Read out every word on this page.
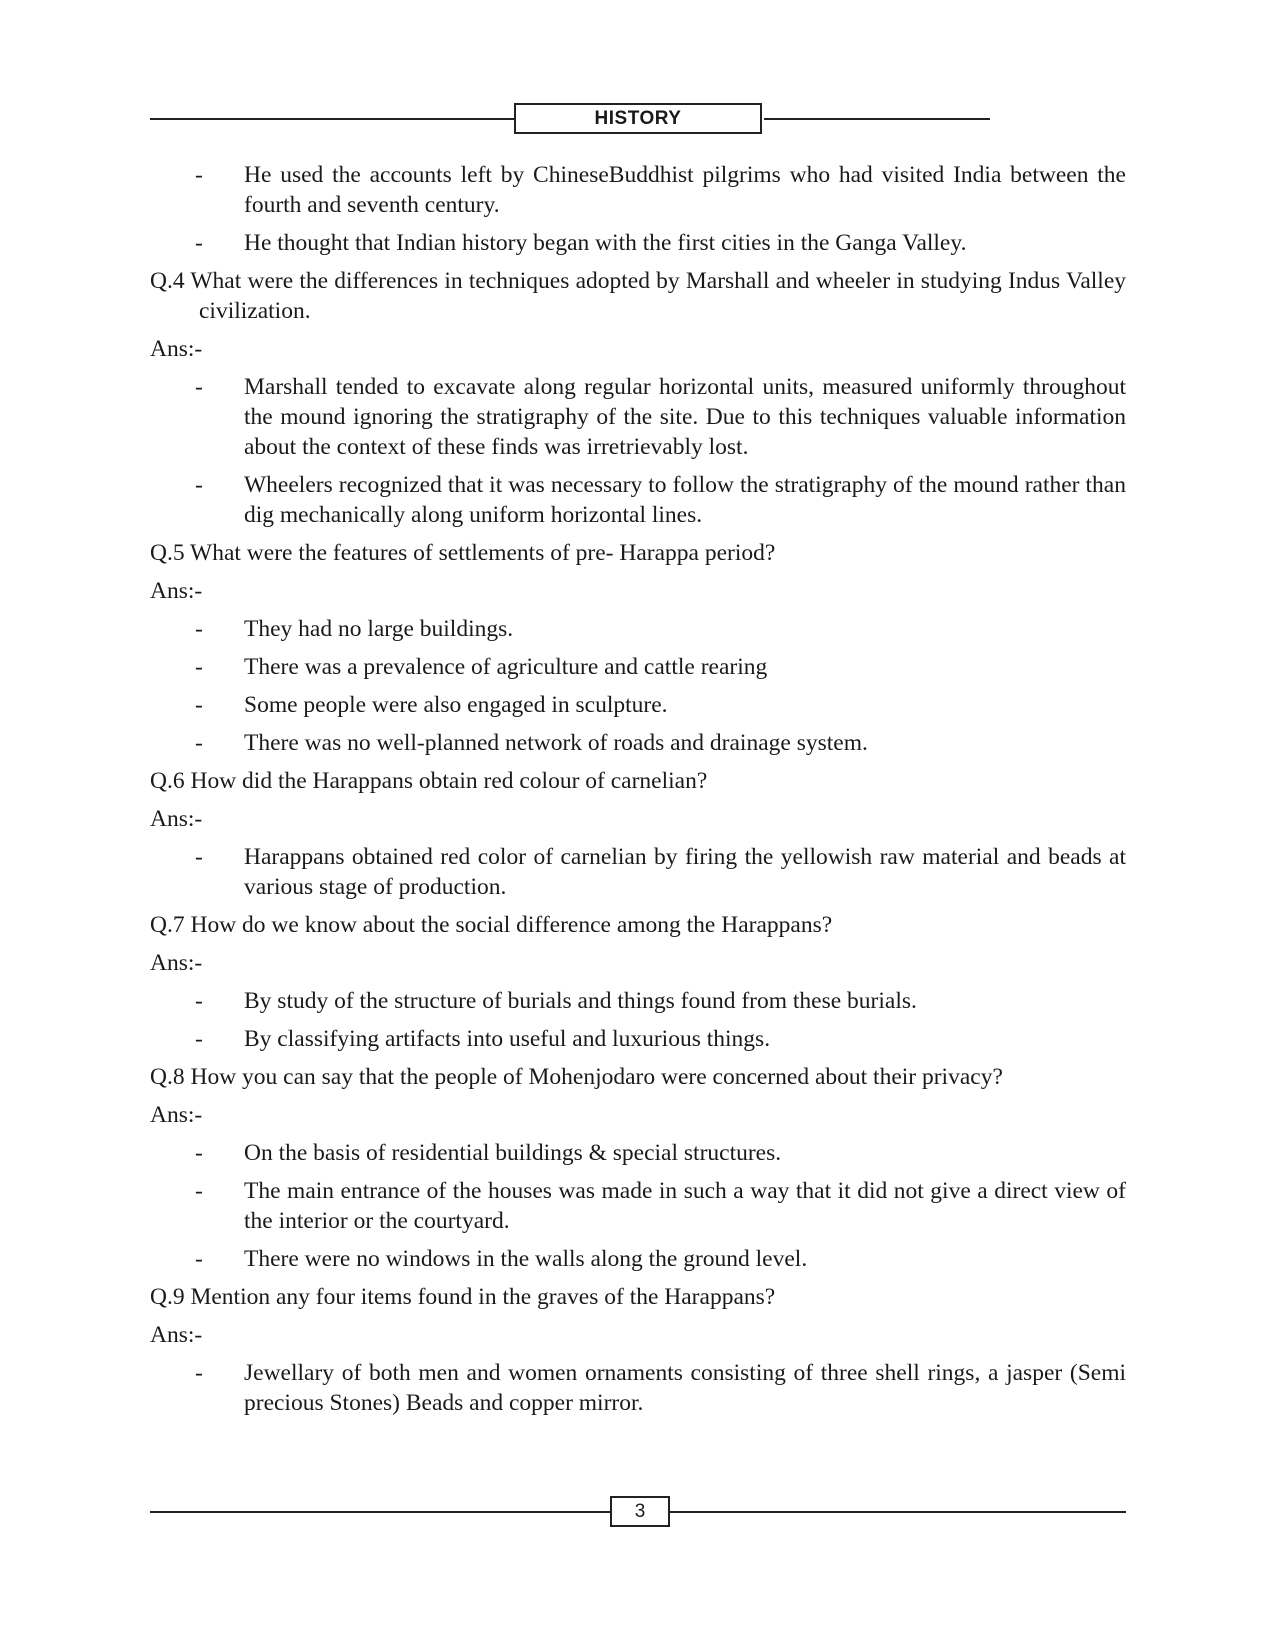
HISTORY
- He used the accounts left by ChineseBuddhist pilgrims who had visited India between the fourth and seventh century.
- He thought that Indian history began with the first cities in the Ganga Valley.
Q.4 What were the differences in techniques adopted by Marshall and wheeler in studying Indus Valley civilization.
Ans:-
- Marshall tended to excavate along regular horizontal units, measured uniformly throughout the mound ignoring the stratigraphy of the site. Due to this techniques valuable information about the context of these finds was irretrievably lost.
- Wheelers recognized that it was necessary to follow the stratigraphy of the mound rather than dig mechanically along uniform horizontal lines.
Q.5 What were the features of settlements of pre- Harappa period?
Ans:-
- They had no large buildings.
- There was a prevalence of agriculture and cattle rearing
- Some people were also engaged in sculpture.
- There was no well-planned network of roads and drainage system.
Q.6 How did the Harappans obtain red colour of carnelian?
Ans:-
- Harappans obtained red color of carnelian by firing the yellowish raw material and beads at various stage of production.
Q.7 How do we know about the social difference among the Harappans?
Ans:-
- By study of the structure of burials and things found from these burials.
- By classifying artifacts into useful and luxurious things.
Q.8 How you can say that the people of Mohenjodaro were concerned about their privacy?
Ans:-
- On the basis of residential buildings & special structures.
- The main entrance of the houses was made in such a way that it did not give a direct view of the interior or the courtyard.
- There were no windows in the walls along the ground level.
Q.9 Mention any four items found in the graves of the Harappans?
Ans:-
- Jewellary of both men and women ornaments consisting of three shell rings, a jasper (Semi precious Stones) Beads and copper mirror.
3
